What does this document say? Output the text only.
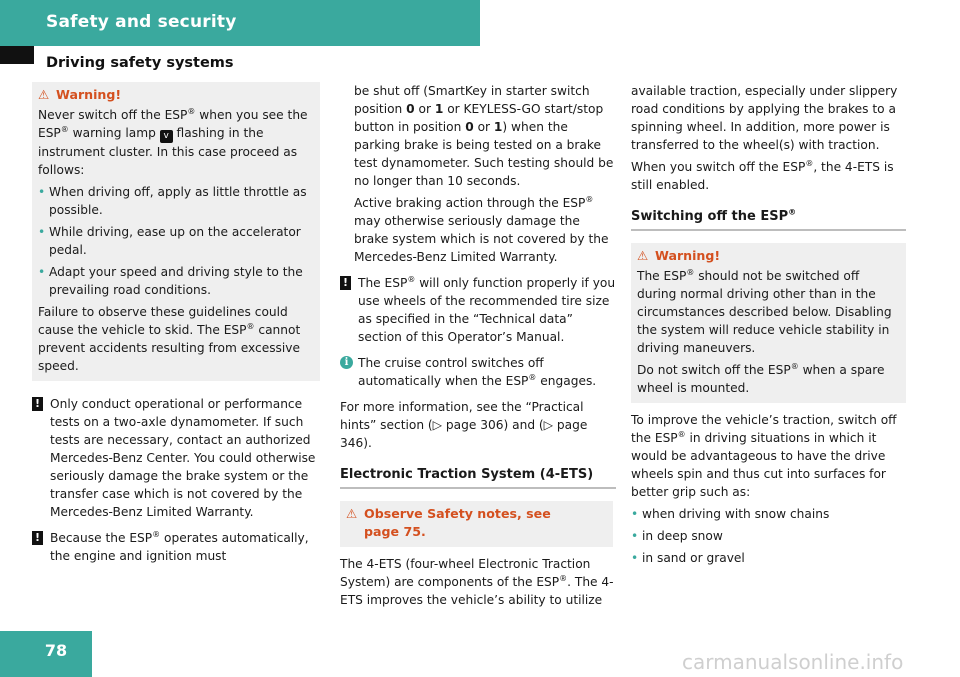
Safety and security
Driving safety systems
⚠ Warning!
Never switch off the ESP® when you see the ESP® warning lamp v flashing in the instrument cluster. In this case proceed as follows:
• When driving off, apply as little throttle as possible.
• While driving, ease up on the accelerator pedal.
• Adapt your speed and driving style to the prevailing road conditions.
Failure to observe these guidelines could cause the vehicle to skid. The ESP® cannot prevent accidents resulting from excessive speed.
! Only conduct operational or performance tests on a two-axle dynamometer. If such tests are necessary, contact an authorized Mercedes-Benz Center. You could otherwise seriously damage the brake system or the transfer case which is not covered by the Mercedes-Benz Limited Warranty.
! Because the ESP® operates automatically, the engine and ignition must
be shut off (SmartKey in starter switch position 0 or 1 or KEYLESS-GO start/stop button in position 0 or 1) when the parking brake is being tested on a brake test dynamometer. Such testing should be no longer than 10 seconds.
Active braking action through the ESP® may otherwise seriously damage the brake system which is not covered by the Mercedes-Benz Limited Warranty.
! The ESP® will only function properly if you use wheels of the recommended tire size as specified in the “Technical data” section of this Operator’s Manual.
i The cruise control switches off automatically when the ESP® engages.
For more information, see the “Practical hints” section (▷ page 306) and (▷ page 346).
Electronic Traction System (4-ETS)
⚠ Observe Safety notes, see page 75.
The 4-ETS (four-wheel Electronic Traction System) are components of the ESP®. The 4-ETS improves the vehicle’s ability to utilize
available traction, especially under slippery road conditions by applying the brakes to a spinning wheel. In addition, more power is transferred to the wheel(s) with traction.
When you switch off the ESP®, the 4-ETS is still enabled.
Switching off the ESP®
⚠ Warning!
The ESP® should not be switched off during normal driving other than in the circumstances described below. Disabling the system will reduce vehicle stability in driving maneuvers.
Do not switch off the ESP® when a spare wheel is mounted.
To improve the vehicle’s traction, switch off the ESP® in driving situations in which it would be advantageous to have the drive wheels spin and thus cut into surfaces for better grip such as:
• when driving with snow chains
• in deep snow
• in sand or gravel
78	carmanualsonline.info
